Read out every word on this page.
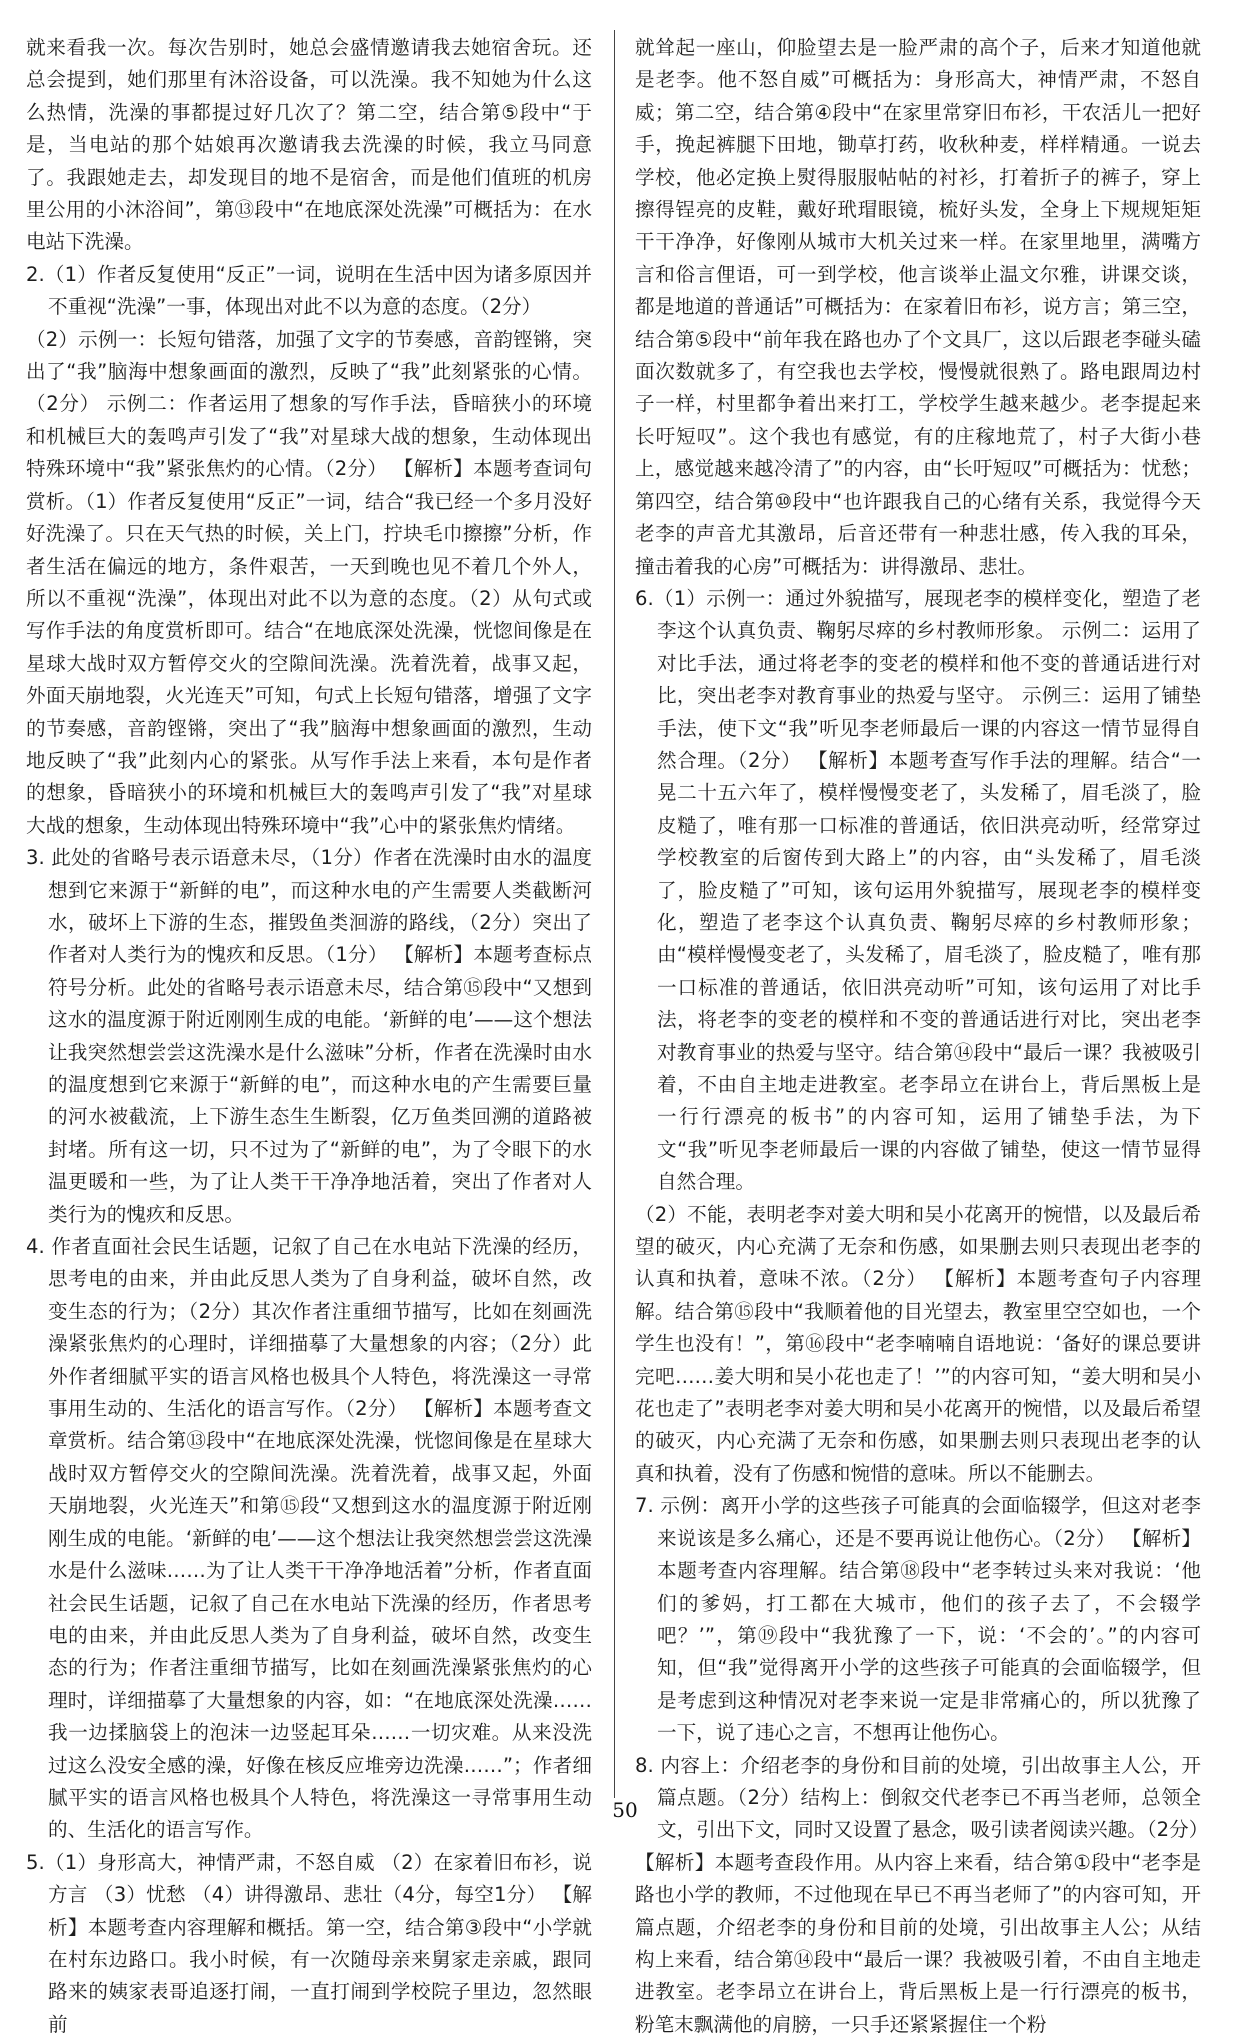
就来看我一次。每次告别时，她总会盛情邀请我去她宿舍玩。还总会提到，她们那里有沐浴设备，可以洗澡。我不知她为什么这么热情，洗澡的事都提过好几次了？第二空，结合第⑤段中“于是，当电站的那个姑娘再次邀请我去洗澡的时候，我立马同意了。我跟她走去，却发现目的地不是宿舍，而是他们值班的机房里公用的小沐浴间”，第⑬段中“在地底深处洗澡”可概括为：在水电站下洗澡。

2.（1）作者反复使用“反正”一词，说明在生活中因为诸多原因并不重视“洗澡”一事，体现出对此不以为意的态度。（2分）

（2）示例一：长短句错落，加强了文字的节奏感，音韵铿锵，突出了“我”脑海中想象画面的激烈，反映了“我”此刻紧张的心情。（2分） 示例二：作者运用了想象的写作手法，昏暗狭小的环境和机械巨大的轰鸣声引发了“我”对星球大战的想象，生动体现出特殊环境中“我”紧张焦灼的心情。（2分） 【解析】本题考查词句赏析。（1）作者反复使用“反正”一词，结合“我已经一个多月没好好洗澡了。只在天气热的时候，关上门，拧块毛巾擦擦”分析，作者生活在偏远的地方，条件艰苦，一天到晚也见不着几个外人，所以不重视“洗澡”，体现出对此不以为意的态度。（2）从句式或写作手法的角度赏析即可。结合“在地底深处洗澡，恍惚间像是在星球大战时双方暂停交火的空隙间洗澡。洗着洗着，战事又起，外面天崩地裂，火光连天”可知，句式上长短句错落，增强了文字的节奏感，音韵铿锵，突出了“我”脑海中想象画面的激烈，生动地反映了“我”此刻内心的紧张。从写作手法上来看，本句是作者的想象，昏暗狭小的环境和机械巨大的轰鸣声引发了“我”对星球大战的想象，生动体现出特殊环境中“我”心中的紧张焦灼情绪。

3. 此处的省略号表示语意未尽，（1分）作者在洗澡时由水的温度想到它来源于“新鲜的电”，而这种水电的产生需要人类截断河水，破坏上下游的生态，摧毁鱼类洄游的路线，（2分）突出了作者对人类行为的愧疚和反思。（1分） 【解析】本题考查标点符号分析。此处的省略号表示语意未尽，结合第⑮段中“又想到这水的温度源于附近刚刚生成的电能。‘新鲜的电’——这个想法让我突然想尝尝这洗澡水是什么滋味”分析，作者在洗澡时由水的温度想到它来源于“新鲜的电”，而这种水电的产生需要巨量的河水被截流，上下游生态生生断裂，亿万鱼类回溯的道路被封堵。所有这一切，只不过为了“新鲜的电”，为了令眼下的水温更暖和一些，为了让人类干干净净地活着，突出了作者对人类行为的愧疚和反思。

4. 作者直面社会民生话题，记叙了自己在水电站下洗澡的经历，思考电的由来，并由此反思人类为了自身利益，破坏自然，改变生态的行为；（2分）其次作者注重细节描写，比如在刻画洗澡紧张焦灼的心理时，详细描摹了大量想象的内容；（2分）此外作者细腻平实的语言风格也极具个人特色，将洗澡这一寻常事用生动的、生活化的语言写作。（2分） 【解析】本题考查文章赏析。结合第⑬段中“在地底深处洗澡，恍惚间像是在星球大战时双方暂停交火的空隙间洗澡。洗着洗着，战事又起，外面天崩地裂，火光连天”和第⑮段“又想到这水的温度源于附近刚刚生成的电能。‘新鲜的电’——这个想法让我突然想尝尝这洗澡水是什么滋味……为了让人类干干净净地活着”分析，作者直面社会民生话题，记叙了自己在水电站下洗澡的经历，作者思考电的由来，并由此反思人类为了自身利益，破坏自然，改变生态的行为；作者注重细节描写，比如在刻画洗澡紧张焦灼的心理时，详细描摹了大量想象的内容，如：“在地底深处洗澡……我一边揉脑袋上的泡沫一边竖起耳朵……一切灾难。从来没洗过这么没安全感的澡，好像在核反应堆旁边洗澡……”；作者细腻平实的语言风格也极具个人特色，将洗澡这一寻常事用生动的、生活化的语言写作。

5.（1）身形高大，神情严肃，不怒自威 （2）在家着旧布衫，说方言 （3）忧愁 （4）讲得激昂、悲壮（4分，每空1分） 【解析】本题考查内容理解和概括。第一空，结合第③段中“小学就在村东边路口。我小时候，有一次随母亲来舅家走亲戚，跟同路来的姨家表哥追逐打闹，一直打闹到学校院子里边，忽然眼前

就耸起一座山，仰脸望去是一脸严肃的高个子，后来才知道他就是老李。他不怒自威”可概括为：身形高大，神情严肃，不怒自威；第二空，结合第④段中“在家里常穿旧布衫，干农活儿一把好手，挽起裤腿下田地，锄草打药，收秋种麦，样样精通。一说去学校，他必定换上熨得服服帖帖的衬衫，打着折子的裤子，穿上擦得锃亮的皮鞋，戴好玳瑁眼镜，梳好头发，全身上下规规矩矩干干净净，好像刚从城市大机关过来一样。在家里地里，满嘴方言和俗言俚语，可一到学校，他言谈举止温文尔雅，讲课交谈，都是地道的普通话”可概括为：在家着旧布衫，说方言；第三空，结合第⑤段中“前年我在路也办了个文具厂，这以后跟老李碰头磕面次数就多了，有空我也去学校，慢慢就很熟了。路电跟周边村子一样，村里都争着出来打工，学校学生越来越少。老李提起来长吁短叹”。这个我也有感觉，有的庄稼地荒了，村子大街小巷上，感觉越来越冷清了”的内容，由“长吁短叹”可概括为：忧愁；第四空，结合第⑩段中“也许跟我自己的心绪有关系，我觉得今天老李的声音尤其激昂，后音还带有一种悲壮感，传入我的耳朵，撞击着我的心房”可概括为：讲得激昂、悲壮。

6.（1）示例一：通过外貌描写，展现老李的模样变化，塑造了老李这个认真负责、鞠躬尽瘁的乡村教师形象。 示例二：运用了对比手法，通过将老李的变老的模样和他不变的普通话进行对比，突出老李对教育事业的热爱与坚守。 示例三：运用了铺垫手法，使下文“我”听见李老师最后一课的内容这一情节显得自然合理。（2分） 【解析】本题考查写作手法的理解。结合“一晃二十五六年了，模样慢慢变老了，头发稀了，眉毛淡了，脸皮糙了，唯有那一口标准的普通话，依旧洪亮动听，经常穿过学校教室的后窗传到大路上”的内容，由“头发稀了，眉毛淡了，脸皮糙了”可知，该句运用外貌描写，展现老李的模样变化，塑造了老李这个认真负责、鞠躬尽瘁的乡村教师形象；由“模样慢慢变老了，头发稀了，眉毛淡了，脸皮糙了，唯有那一口标准的普通话，依旧洪亮动听”可知，该句运用了对比手法，将老李的变老的模样和不变的普通话进行对比，突出老李对教育事业的热爱与坚守。结合第⑭段中“最后一课？我被吸引着，不由自主地走进教室。老李昂立在讲台上，背后黑板上是一行行漂亮的板书”的内容可知，运用了铺垫手法，为下文“我”听见李老师最后一课的内容做了铺垫，使这一情节显得自然合理。

（2）不能，表明老李对姜大明和吴小花离开的惋惜，以及最后希望的破灭，内心充满了无奈和伤感，如果删去则只表现出老李的认真和执着，意味不浓。（2分） 【解析】本题考查句子内容理解。结合第⑮段中“我顺着他的目光望去，教室里空空如也，一个学生也没有！”，第⑯段中“老李喃喃自语地说：‘备好的课总要讲完吧……姜大明和吴小花也走了！’”的内容可知，“姜大明和吴小花也走了”表明老李对姜大明和吴小花离开的惋惜，以及最后希望的破灭，内心充满了无奈和伤感，如果删去则只表现出老李的认真和执着，没有了伤感和惋惜的意味。所以不能删去。

7. 示例：离开小学的这些孩子可能真的会面临辍学，但这对老李来说该是多么痛心，还是不要再说让他伤心。（2分） 【解析】本题考查内容理解。结合第⑱段中“老李转过头来对我说：‘他们的爹妈，打工都在大城市，他们的孩子去了，不会辍学吧？’”，第⑲段中“我犹豫了一下，说：‘不会的’。”的内容可知，但“我”觉得离开小学的这些孩子可能真的会面临辍学，但是考虑到这种情况对老李来说一定是非常痛心的，所以犹豫了一下，说了违心之言，不想再让他伤心。

8. 内容上：介绍老李的身份和目前的处境，引出故事主人公，开篇点题。（2分）结构上：倒叙交代老李已不再当老师，总领全文，引出下文，同时又设置了悬念，吸引读者阅读兴趣。（2分）

【解析】本题考查段作用。从内容上来看，结合第①段中“老李是路也小学的教师，不过他现在早已不再当老师了”的内容可知，开篇点题，介绍老李的身份和目前的处境，引出故事主人公；从结构上来看，结合第⑭段中“最后一课？我被吸引着，不由自主地走进教室。老李昂立在讲台上，背后黑板上是一行行漂亮的板书，粉笔末飘满他的肩膀，一只手还紧紧握住一个粉

50
